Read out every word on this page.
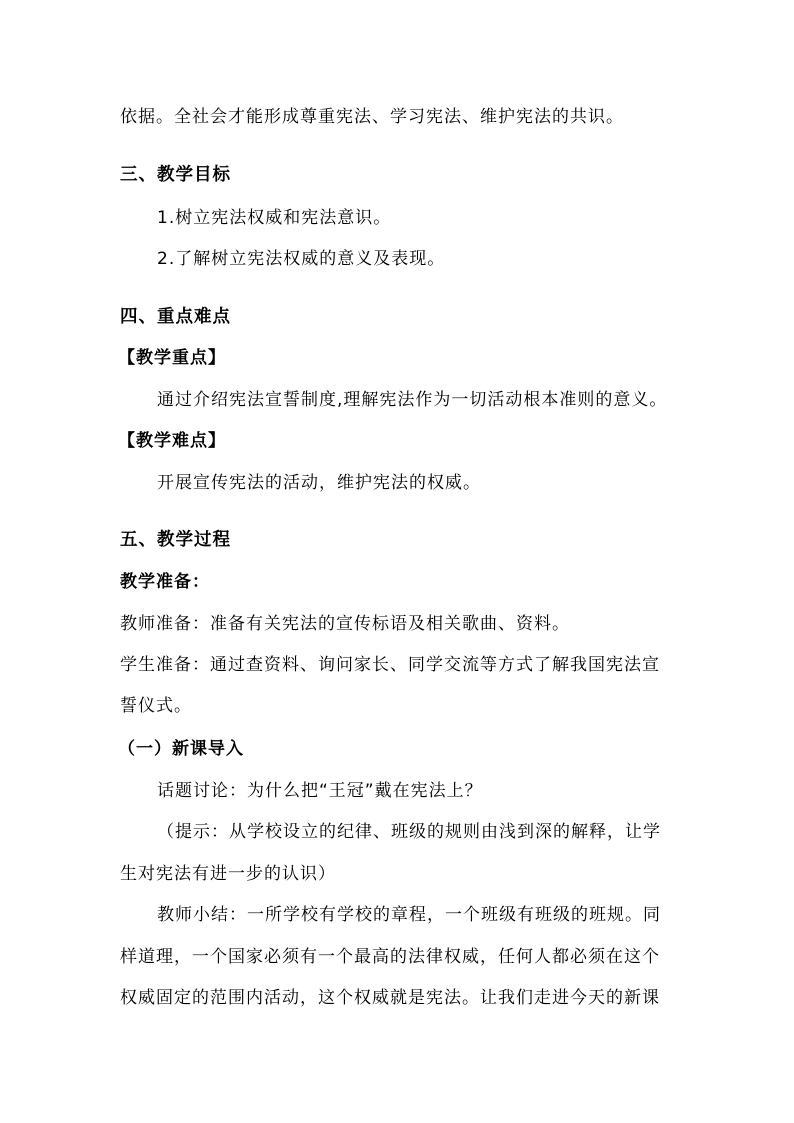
依据。全社会才能形成尊重宪法、学习宪法、维护宪法的共识。
三、教学目标
1.树立宪法权威和宪法意识。
2.了解树立宪法权威的意义及表现。
四、重点难点
【教学重点】
通过介绍宪法宣誓制度,理解宪法作为一切活动根本准则的意义。
【教学难点】
开展宣传宪法的活动，维护宪法的权威。
五、教学过程
教学准备：
教师准备：准备有关宪法的宣传标语及相关歌曲、资料。
学生准备：通过查资料、询问家长、同学交流等方式了解我国宪法宣
誓仪式。
（一）新课导入
话题讨论：为什么把“王冠”戴在宪法上？
（提示：从学校设立的纪律、班级的规则由浅到深的解释，让学
生对宪法有进一步的认识）
教师小结：一所学校有学校的章程，一个班级有班级的班规。同
样道理，一个国家必须有一个最高的法律权威，任何人都必须在这个
权威固定的范围内活动，这个权威就是宪法。让我们走进今天的新课
